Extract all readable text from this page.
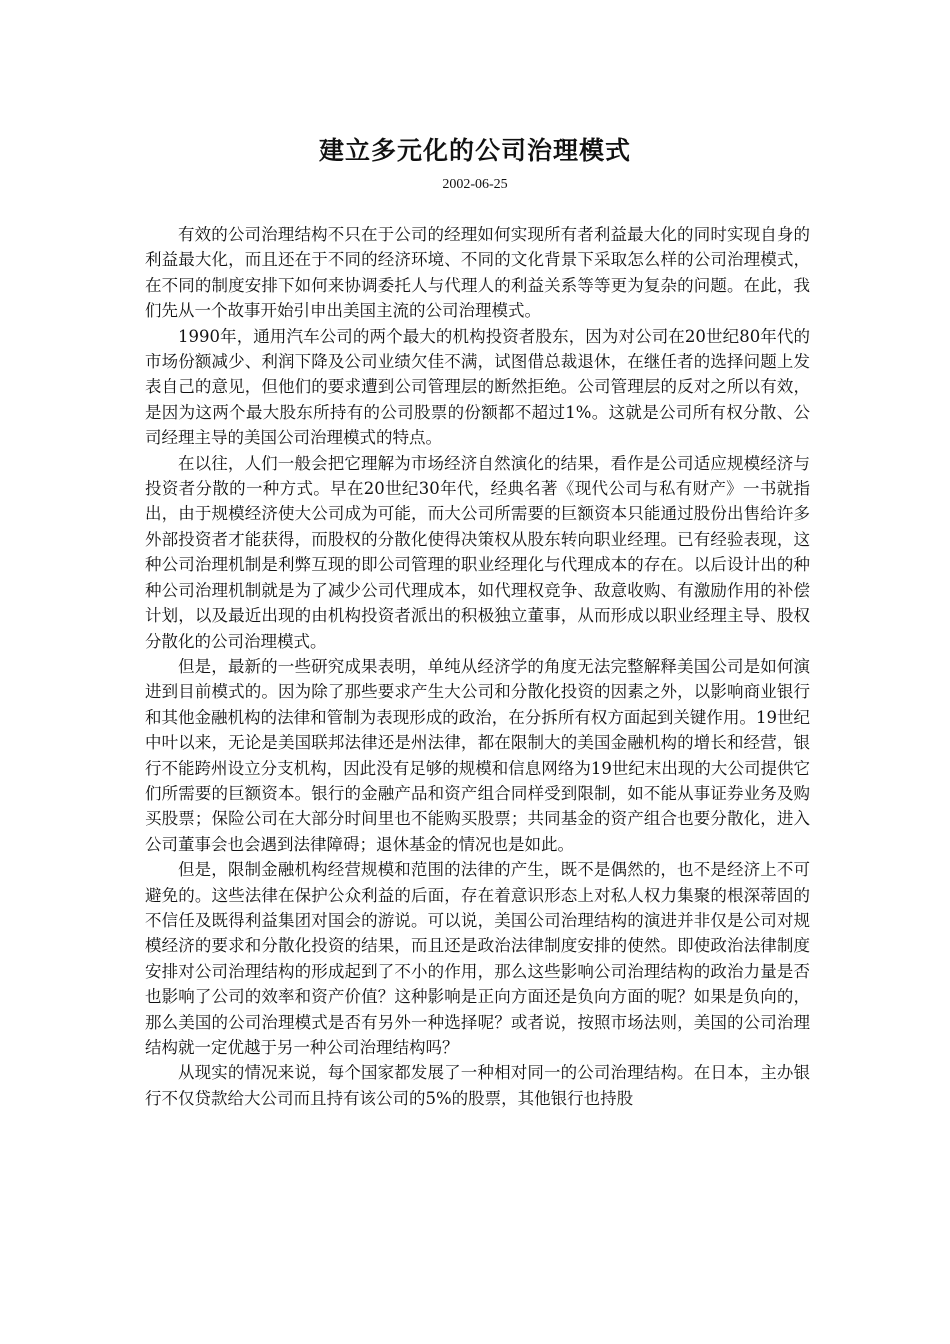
建立多元化的公司治理模式
2002-06-25

有效的公司治理结构不只在于公司的经理如何实现所有者利益最大化的同时实现自身的利益最大化，而且还在于不同的经济环境、不同的文化背景下采取怎么样的公司治理模式，在不同的制度安排下如何来协调委托人与代理人的利益关系等等更为复杂的问题。在此，我们先从一个故事开始引申出美国主流的公司治理模式。

1990年，通用汽车公司的两个最大的机构投资者股东，因为对公司在20世纪80年代的市场份额减少、利润下降及公司业绩欠佳不满，试图借总裁退休，在继任者的选择问题上发表自己的意见，但他们的要求遭到公司管理层的断然拒绝。公司管理层的反对之所以有效，是因为这两个最大股东所持有的公司股票的份额都不超过1%。这就是公司所有权分散、公司经理主导的美国公司治理模式的特点。

在以往，人们一般会把它理解为市场经济自然演化的结果，看作是公司适应规模经济与投资者分散的一种方式。早在20世纪30年代，经典名著《现代公司与私有财产》一书就指出，由于规模经济使大公司成为可能，而大公司所需要的巨额资本只能通过股份出售给许多外部投资者才能获得，而股权的分散化使得决策权从股东转向职业经理。已有经验表现，这种公司治理机制是利弊互现的即公司管理的职业经理化与代理成本的存在。以后设计出的种种公司治理机制就是为了减少公司代理成本，如代理权竞争、敌意收购、有激励作用的补偿计划，以及最近出现的由机构投资者派出的积极独立董事，从而形成以职业经理主导、股权分散化的公司治理模式。

但是，最新的一些研究成果表明，单纯从经济学的角度无法完整解释美国公司是如何演进到目前模式的。因为除了那些要求产生大公司和分散化投资的因素之外，以影响商业银行和其他金融机构的法律和管制为表现形成的政治，在分拆所有权方面起到关键作用。19世纪中叶以来，无论是美国联邦法律还是州法律，都在限制大的美国金融机构的增长和经营，银行不能跨州设立分支机构，因此没有足够的规模和信息网络为19世纪末出现的大公司提供它们所需要的巨额资本。银行的金融产品和资产组合同样受到限制，如不能从事证券业务及购买股票；保险公司在大部分时间里也不能购买股票；共同基金的资产组合也要分散化，进入公司董事会也会遇到法律障碍；退休基金的情况也是如此。

但是，限制金融机构经营规模和范围的法律的产生，既不是偶然的，也不是经济上不可避免的。这些法律在保护公众利益的后面，存在着意识形态上对私人权力集聚的根深蒂固的不信任及既得利益集团对国会的游说。可以说，美国公司治理结构的演进并非仅是公司对规模经济的要求和分散化投资的结果，而且还是政治法律制度安排的使然。即使政治法律制度安排对公司治理结构的形成起到了不小的作用，那么这些影响公司治理结构的政治力量是否也影响了公司的效率和资产价值？这种影响是正向方面还是负向方面的呢？如果是负向的，那么美国的公司治理模式是否有另外一种选择呢？或者说，按照市场法则，美国的公司治理结构就一定优越于另一种公司治理结构吗？

从现实的情况来说，每个国家都发展了一种相对同一的公司治理结构。在日本，主办银行不仅贷款给大公司而且持有该公司的5%的股票，其他银行也持股
